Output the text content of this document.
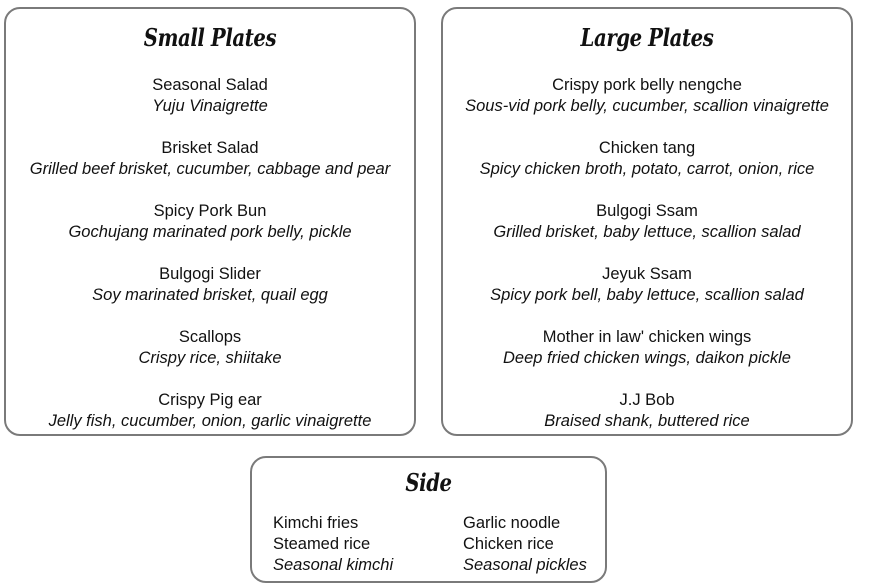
Small Plates
Seasonal Salad
Yuju Vinaigrette
Brisket Salad
Grilled beef brisket, cucumber, cabbage and pear
Spicy Pork Bun
Gochujang marinated pork belly, pickle
Bulgogi Slider
Soy marinated brisket, quail egg
Scallops
Crispy rice, shiitake
Crispy Pig ear
Jelly fish, cucumber, onion, garlic vinaigrette
Large Plates
Crispy pork belly nengche
Sous-vid pork belly, cucumber, scallion vinaigrette
Chicken tang
Spicy chicken broth, potato, carrot, onion, rice
Bulgogi Ssam
Grilled brisket, baby lettuce, scallion salad
Jeyuk Ssam
Spicy pork bell, baby lettuce, scallion salad
Mother in law' chicken wings
Deep fried chicken wings, daikon pickle
J.J Bob
Braised shank, buttered rice
Side
Kimchi fries
Steamed rice
Seasonal kimchi
Garlic noodle
Chicken rice
Seasonal pickles
